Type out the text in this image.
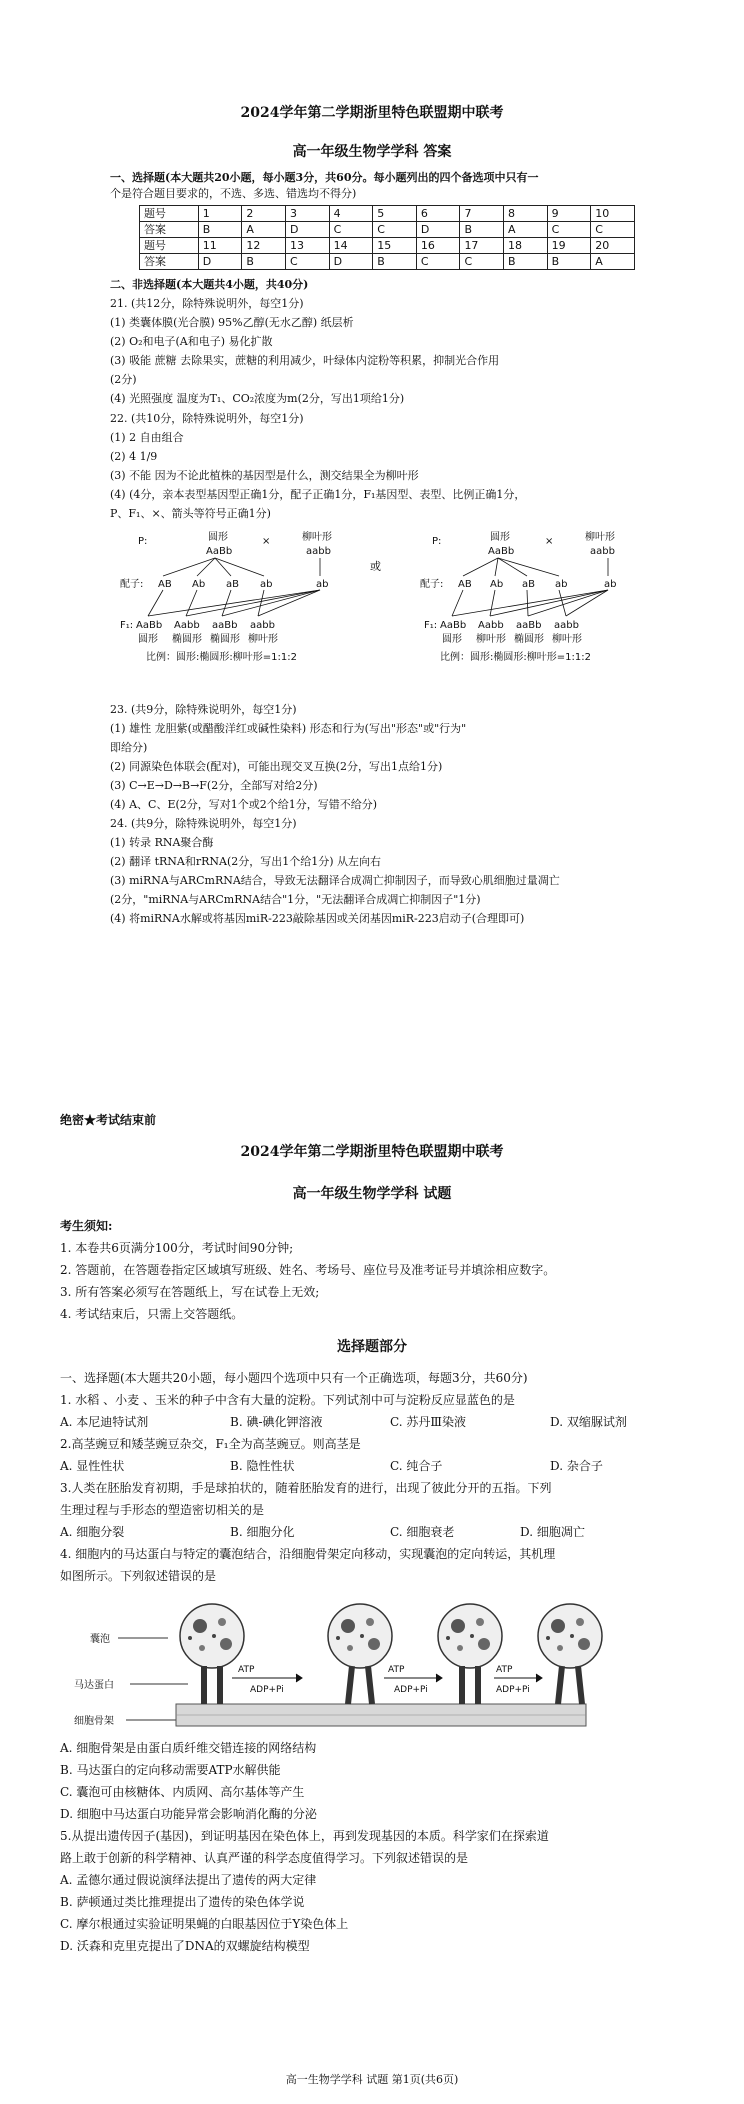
2024学年第二学期浙里特色联盟期中联考
高一年级生物学学科 答案
一、选择题(本大题共20小题，每小题3分，共60分。每小题列出的四个备选项中只有一
个是符合题目要求的，不选、多选、错选均不得分)
题号	1	2	3	4	5	6	7	8	9	10
答案	B	A	D	C	C	D	B	A	C	C
题号	11	12	13	14	15	16	17	18	19	20
答案	D	B	C	D	B	C	C	B	B	A
二、非选择题(本大题共4小题，共40分)
21. (共12分，除特殊说明外，每空1分)
(1) 类囊体膜(光合膜) 95%乙醇(无水乙醇) 纸层析
(2) O₂和电子(A和电子) 易化扩散
(3) 吸能 蔗糖 去除果实，蔗糖的利用减少，叶绿体内淀粉等积累，抑制光合作用
(2分)
(4) 光照强度 温度为T₁、CO₂浓度为m(2分，写出1项给1分)
22. (共10分，除特殊说明外，每空1分)
(1) 2 自由组合
(2) 4 1/9
(3) 不能 因为不论此植株的基因型是什么，测交结果全为柳叶形
(4) (4分，亲本表型基因型正确1分，配子正确1分，F₁基因型、表型、比例正确1分，
P、F₁、×、箭头等符号正确1分)
P:	圆形
AaBb
×	柳叶形
aabb
配子: AB Ab aB ab	ab
F₁: AaBb Aabb aaBb aabb
圆形 椭圆形 椭圆形 柳叶形
比例：圆形:椭圆形:柳叶形=1:1:2
或
P:	圆形
AaBb
×	柳叶形
aabb
配子: AB Ab aB ab	ab
F₁: AaBb Aabb aaBb aabb
圆形 柳叶形 椭圆形 柳叶形
比例：圆形:椭圆形:柳叶形=1:1:2
23. (共9分，除特殊说明外，每空1分)
(1) 雄性 龙胆紫(或醋酸洋红或碱性染料) 形态和行为(写出"形态"或"行为"
即给分)
(2) 同源染色体联会(配对)，可能出现交叉互换(2分，写出1点给1分)
(3) C→E→D→B→F(2分，全部写对给2分)
(4) A、C、E(2分，写对1个或2个给1分，写错不给分)
24. (共9分，除特殊说明外，每空1分)
(1) 转录 RNA聚合酶
(2) 翻译 tRNA和rRNA(2分，写出1个给1分) 从左向右
(3) miRNA与ARCmRNA结合，导致无法翻译合成凋亡抑制因子，而导致心肌细胞过量凋亡
(2分，"miRNA与ARCmRNA结合"1分，"无法翻译合成凋亡抑制因子"1分)
(4) 将miRNA水解或将基因miR-223敲除基因或关闭基因miR-223启动子(合理即可)
绝密★考试结束前
2024学年第二学期浙里特色联盟期中联考
高一年级生物学学科 试题
考生须知:
1. 本卷共6页满分100分，考试时间90分钟;
2. 答题前，在答题卷指定区域填写班级、姓名、考场号、座位号及准考证号并填涂相应数字。
3. 所有答案必须写在答题纸上，写在试卷上无效;
4. 考试结束后，只需上交答题纸。
选择题部分
一、选择题(本大题共20小题，每小题四个选项中只有一个正确选项，每题3分，共60分)
1. 水稻 、小麦 、玉米的种子中含有大量的淀粉。下列试剂中可与淀粉反应显蓝色的是
A. 本尼迪特试剂	B. 碘-碘化钾溶液	C. 苏丹Ⅲ染液	D. 双缩脲试剂
2.高茎豌豆和矮茎豌豆杂交，F₁全为高茎豌豆。则高茎是
A. 显性性状	B. 隐性性状	C. 纯合子	D. 杂合子
3.人类在胚胎发育初期，手是球拍状的，随着胚胎发育的进行，出现了彼此分开的五指。下列
生理过程与手形态的塑造密切相关的是
A. 细胞分裂	B. 细胞分化	C. 细胞衰老	D. 细胞凋亡
4. 细胞内的马达蛋白与特定的囊泡结合，沿细胞骨架定向移动，实现囊泡的定向转运，其机理
如图所示。下列叙述错误的是
囊泡
马达蛋白
细胞骨架
ATP
ADP+Pi
ATP
ADP+Pi
ATP
ADP+Pi
A. 细胞骨架是由蛋白质纤维交错连接的网络结构
B. 马达蛋白的定向移动需要ATP水解供能
C. 囊泡可由核糖体、内质网、高尔基体等产生
D. 细胞中马达蛋白功能异常会影响消化酶的分泌
5.从提出遗传因子(基因)，到证明基因在染色体上，再到发现基因的本质。科学家们在探索道
路上敢于创新的科学精神、认真严谨的科学态度值得学习。下列叙述错误的是
A. 孟德尔通过假说演绎法提出了遗传的两大定律
B. 萨顿通过类比推理提出了遗传的染色体学说
C. 摩尔根通过实验证明果蝇的白眼基因位于Y染色体上
D. 沃森和克里克提出了DNA的双螺旋结构模型
高一生物学学科 试题 第1页(共6页)
